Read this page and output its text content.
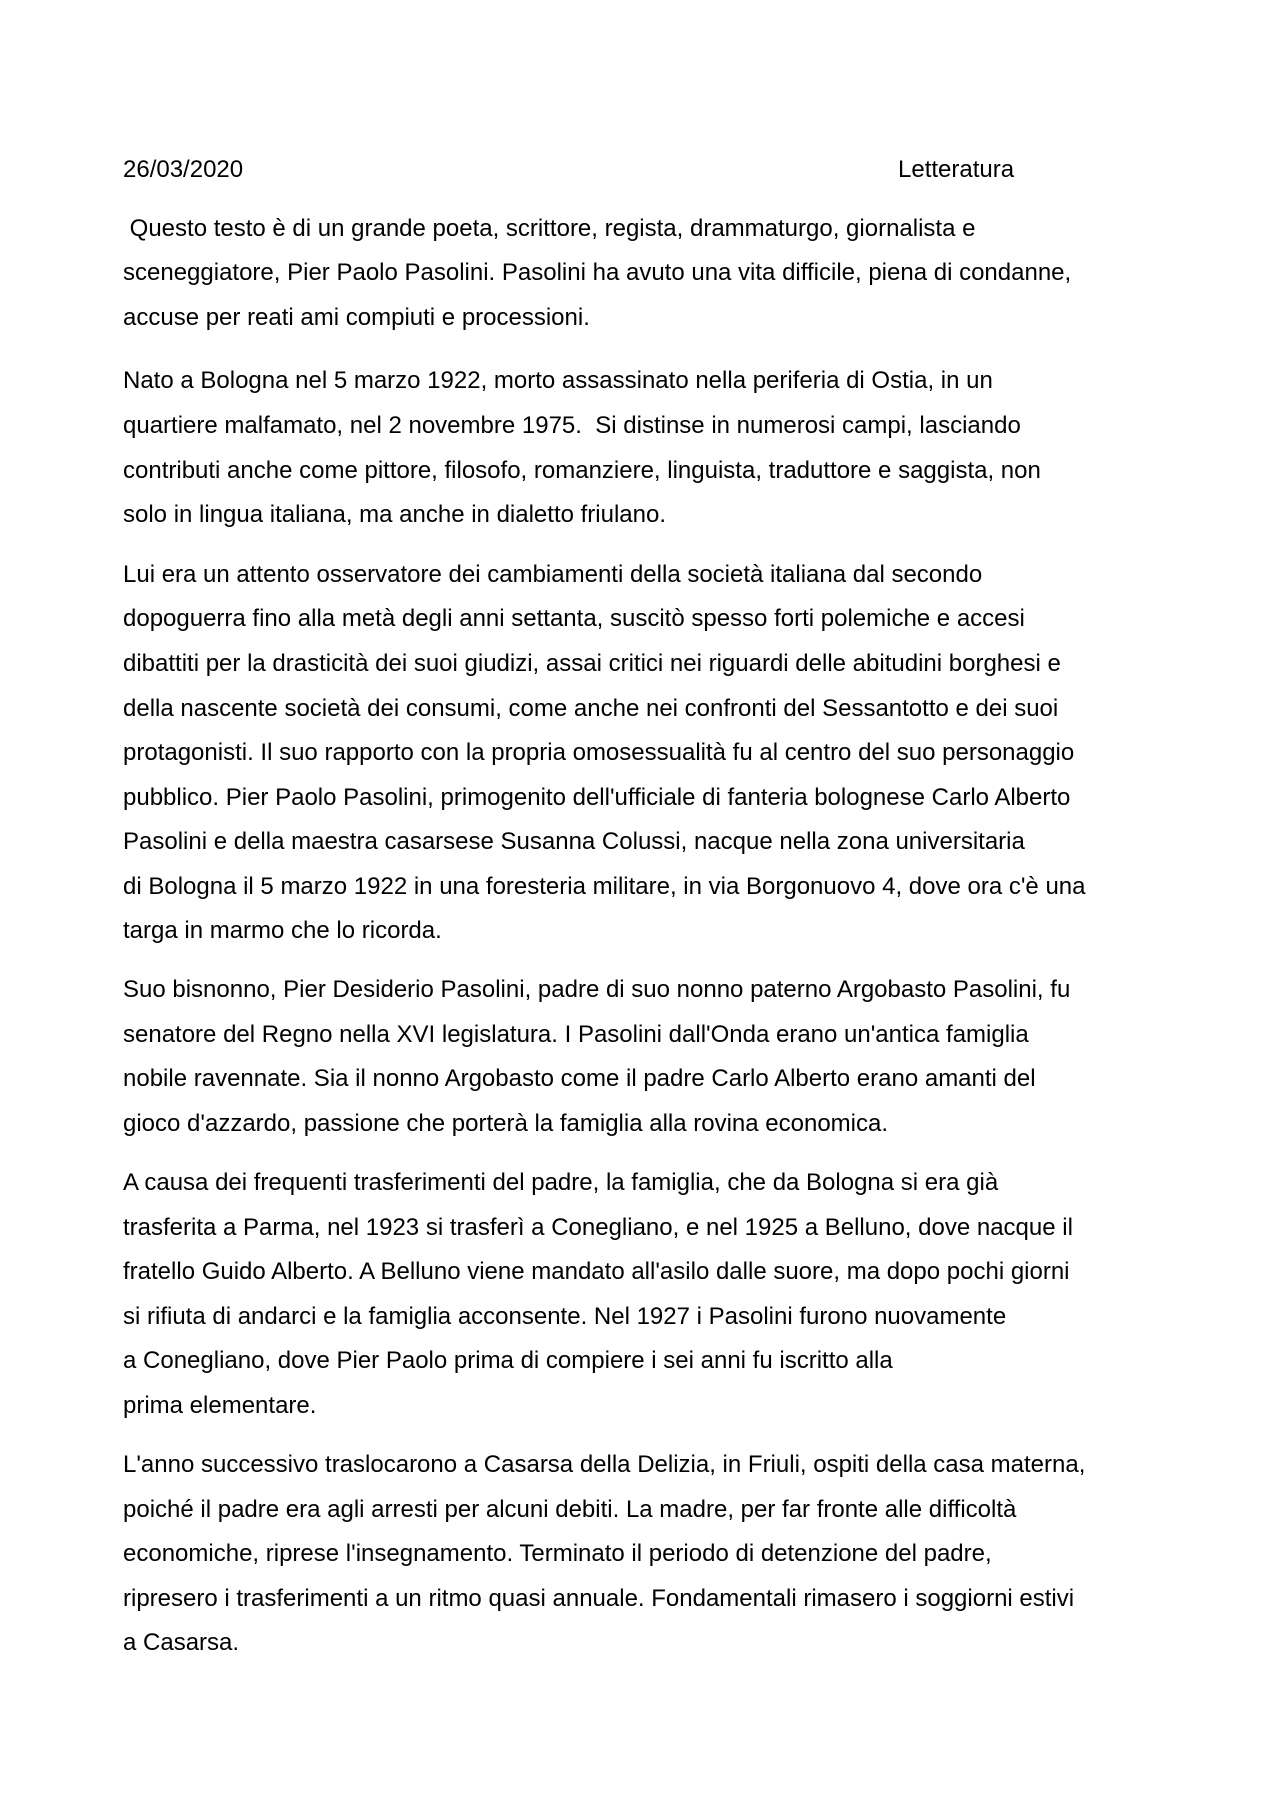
26/03/2020	Letteratura
Questo testo è di un grande poeta, scrittore, regista, drammaturgo, giornalista e
sceneggiatore, Pier Paolo Pasolini. Pasolini ha avuto una vita difficile, piena di condanne,
accuse per reati ami compiuti e processioni.
Nato a Bologna nel 5 marzo 1922, morto assassinato nella periferia di Ostia, in un
quartiere malfamato, nel 2 novembre 1975.  Si distinse in numerosi campi, lasciando
contributi anche come pittore, filosofo, romanziere, linguista, traduttore e saggista, non
solo in lingua italiana, ma anche in dialetto friulano.
Lui era un attento osservatore dei cambiamenti della società italiana dal secondo
dopoguerra fino alla metà degli anni settanta, suscitò spesso forti polemiche e accesi
dibattiti per la drasticità dei suoi giudizi, assai critici nei riguardi delle abitudini borghesi e
della nascente società dei consumi, come anche nei confronti del Sessantotto e dei suoi
protagonisti. Il suo rapporto con la propria omosessualità fu al centro del suo personaggio
pubblico. Pier Paolo Pasolini, primogenito dell'ufficiale di fanteria bolognese Carlo Alberto
Pasolini e della maestra casarsese Susanna Colussi, nacque nella zona universitaria
di Bologna il 5 marzo 1922 in una foresteria militare, in via Borgonuovo 4, dove ora c'è una
targa in marmo che lo ricorda.
Suo bisnonno, Pier Desiderio Pasolini, padre di suo nonno paterno Argobasto Pasolini, fu
senatore del Regno nella XVI legislatura. I Pasolini dall'Onda erano un'antica famiglia
nobile ravennate. Sia il nonno Argobasto come il padre Carlo Alberto erano amanti del
gioco d'azzardo, passione che porterà la famiglia alla rovina economica.
A causa dei frequenti trasferimenti del padre, la famiglia, che da Bologna si era già
trasferita a Parma, nel 1923 si trasferì a Conegliano, e nel 1925 a Belluno, dove nacque il
fratello Guido Alberto. A Belluno viene mandato all'asilo dalle suore, ma dopo pochi giorni
si rifiuta di andarci e la famiglia acconsente. Nel 1927 i Pasolini furono nuovamente
a Conegliano, dove Pier Paolo prima di compiere i sei anni fu iscritto alla
prima elementare.
L'anno successivo traslocarono a Casarsa della Delizia, in Friuli, ospiti della casa materna,
poiché il padre era agli arresti per alcuni debiti. La madre, per far fronte alle difficoltà
economiche, riprese l'insegnamento. Terminato il periodo di detenzione del padre,
ripresero i trasferimenti a un ritmo quasi annuale. Fondamentali rimasero i soggiorni estivi
a Casarsa.
